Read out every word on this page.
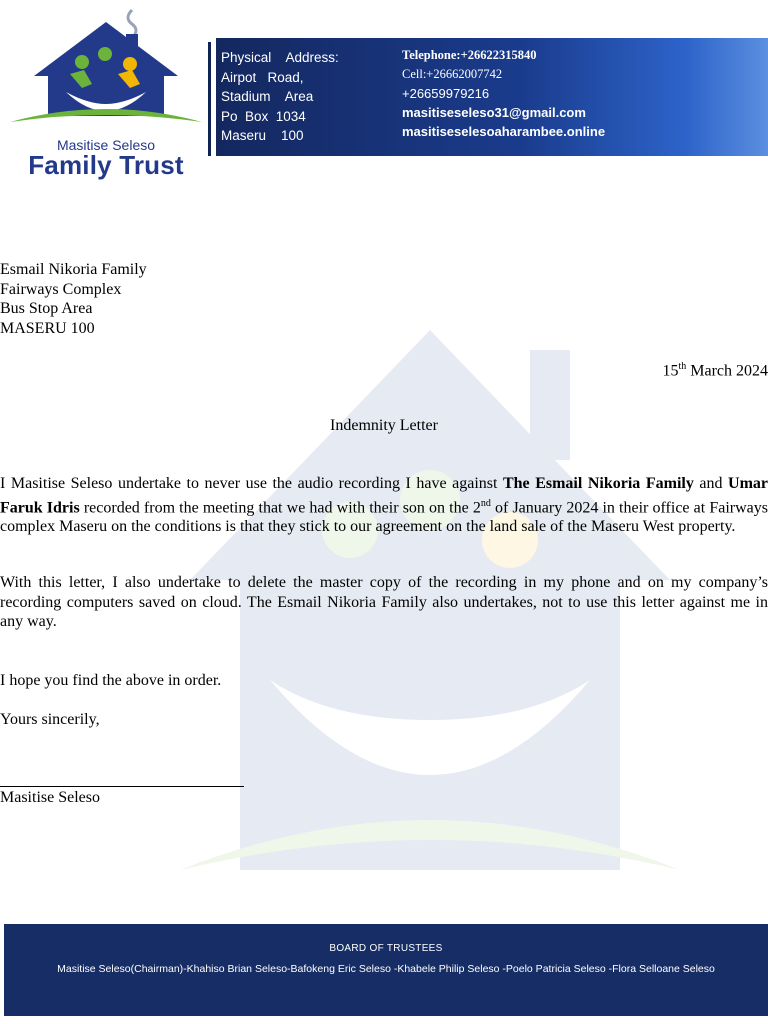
Masitise Seleso
Family Trust
Physical    Address:
Airpot   Road,
Stadium    Area
Po  Box  1034
Maseru    100
Telephone:+26622315840
Cell:+26662007742
+26659979216
masitiseseleso31@gmail.com
masitiseselesoaharambee.online
Esmail Nikoria Family
Fairways Complex
Bus Stop Area
MASERU 100
15th March 2024
Indemnity Letter
I Masitise Seleso undertake to never use the audio recording I have against The Esmail Nikoria Family and Umar Faruk Idris recorded from the meeting that we had with their son on the 2nd of January 2024 in their office at Fairways complex Maseru on the conditions is that they stick to our agreement on the land sale of the Maseru West property.
With this letter, I also undertake to delete the master copy of the recording in my phone and on my company’s recording computers saved on cloud. The Esmail Nikoria Family also undertakes, not to use this letter against me in any way.
I hope you find the above in order.
Yours sincerily,
Masitise Seleso
BOARD OF TRUSTEES
Masitise Seleso(Chairman)-Khahiso Brian Seleso-Bafokeng Eric Seleso -Khabele Philip Seleso -Poelo Patricia Seleso -Flora Selloane Seleso
